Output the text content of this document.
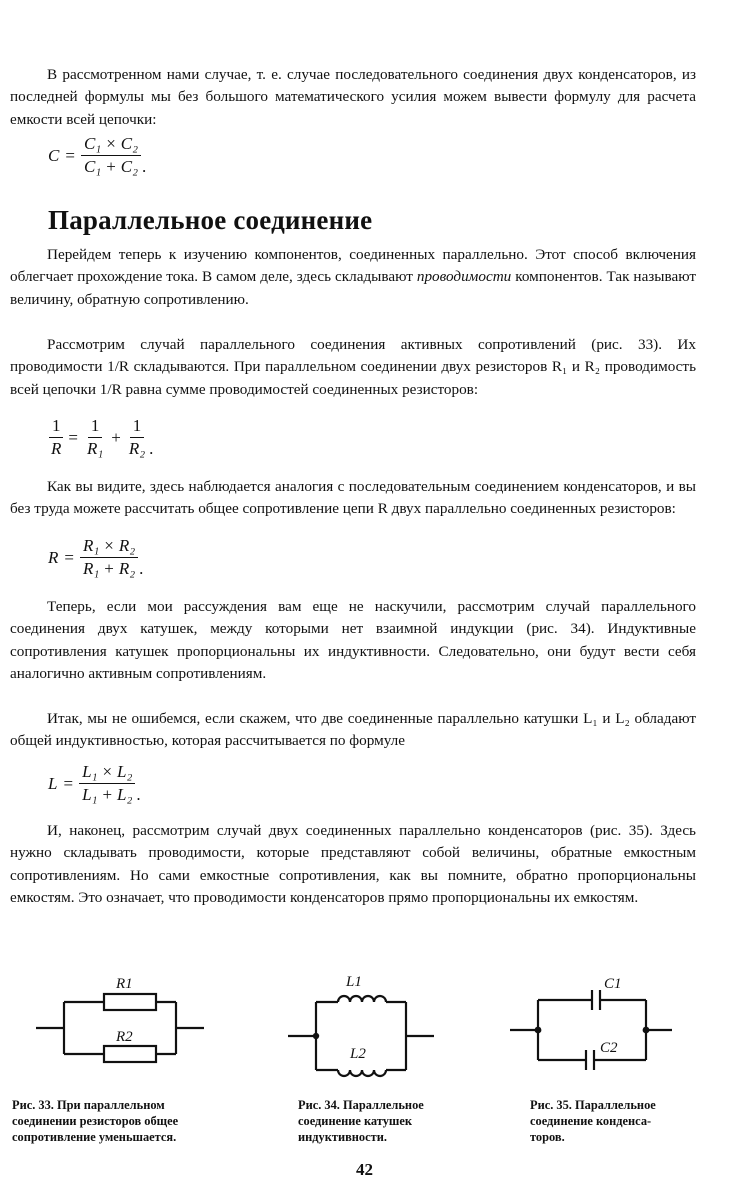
В рассмотренном нами случае, т. е. случае последовательного соединения двух конденсаторов, из последней формулы мы без большого математического усилия можем вывести формулу для расчета емкости всей цепочки:

$C = \frac{\text{C₁ × C₂}}{\text{C₁ + C₂}}$ .
Параллельное соединение

Перейдем теперь к изучению компонентов, соединенных параллельно. Этот способ включения облегчает прохождение тока. В самом деле, здесь складывают проводимости компонентов. Так называют величину, обратную сопротивлению.

Рассмотрим случай параллельного соединения активных сопротивлений (рис. 33). Их проводимости 1/R складываются. При параллельном соединении двух резисторов R₁ и R₂ проводимость всей цепочки 1/R равна сумме проводимостей соединенных резисторов:

$\frac{1}{R} = \frac{1}{\text{R₁}} + \frac{1}{\text{R₂}}$ .

Как вы видите, здесь наблюдается аналогия с последовательным соединением конденсаторов, и вы без труда можете рассчитать общее сопротивление цепи R двух параллельно соединенных резисторов:

$R = \frac{\text{R₁ × R₂}}{\text{R₁ + R₂}}$ .

Теперь, если мои рассуждения вам еще не наскучили, рассмотрим случай параллельного соединения двух катушек, между которыми нет взаимной индукции (рис. 34). Индуктивные сопротивления катушек пропорциональны их индуктивности. Следовательно, они будут вести себя аналогично активным сопротивлениям.

Итак, мы не ошибемся, если скажем, что две соединенные параллельно катушки L₁ и L₂ обладают общей индуктивностью, которая рассчитывается по формуле

$L = \frac{\text{L₁ × L₂}}{\text{L₁ + L₂}}$ .

И, наконец, рассмотрим случай двух соединенных параллельно конденсаторов (рис. 35). Здесь нужно складывать проводимости, которые представляют собой величины, обратные емкостным сопротивлениям. Но сами емкостные сопротивления, как вы помните, обратно пропорциональны емкостям. Это означает, что проводимости конденсаторов прямо пропорциональны их емкостям.

R1
R2
L1
L2
C1
C2

Рис. 33. При параллельном
соединении резисторов общее
сопротивление уменьшается.

Рис. 34. Параллельное
соединение катушек
индуктивности.

Рис. 35. Параллельное
соединение конденса-
торов.

42
